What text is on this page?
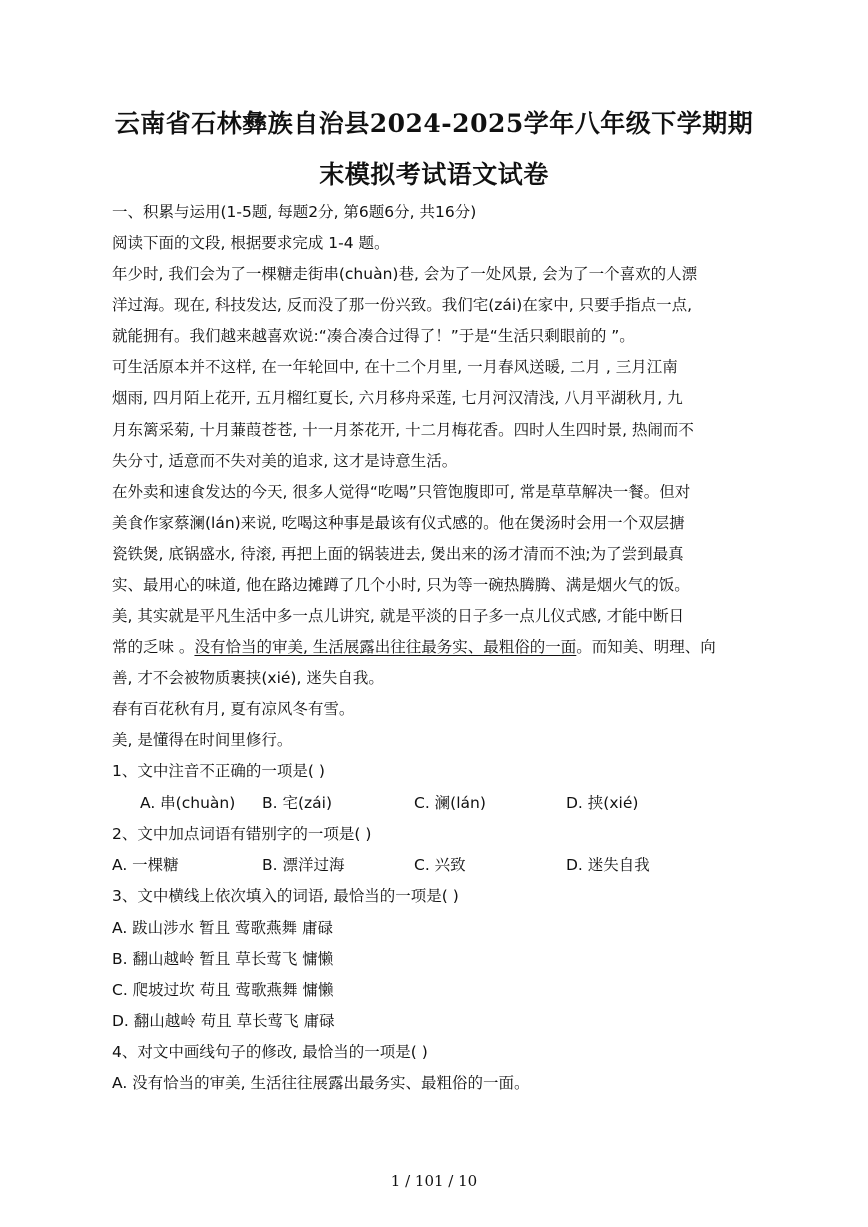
云南省石林彝族自治县2024-2025学年八年级下学期期
末模拟考试语文试卷
一、积累与运用(1-5题, 每题2分, 第6题6分, 共16分)
阅读下面的文段, 根据要求完成 1-4 题。
年少时, 我们会为了一棵糖走街串(chuàn)巷, 会为了一处风景, 会为了一个喜欢的人漂
洋过海。现在, 科技发达, 反而没了那一份兴致。我们宅(zái)在家中, 只要手指点一点,
就能拥有。我们越来越喜欢说:“凑合凑合过得了！”于是“生活只剩眼前的 ”。
可生活原本并不这样, 在一年轮回中, 在十二个月里, 一月春风送暖, 二月 , 三月江南
烟雨, 四月陌上花开, 五月榴红夏长, 六月移舟采莲, 七月河汉清浅, 八月平湖秋月, 九
月东篱采菊, 十月蒹葭苍苍, 十一月茶花开, 十二月梅花香。四时人生四时景, 热闹而不
失分寸, 适意而不失对美的追求, 这才是诗意生活。
在外卖和速食发达的今天, 很多人觉得“吃喝”只管饱腹即可, 常是草草解决一餐。但对
美食作家蔡澜(lán)来说, 吃喝这种事是最该有仪式感的。他在煲汤时会用一个双层搪
瓷铁煲, 底锅盛水, 待滚, 再把上面的锅装进去, 煲出来的汤才清而不浊;为了尝到最真
实、最用心的味道, 他在路边摊蹲了几个小时, 只为等一碗热腾腾、满是烟火气的饭。
美, 其实就是平凡生活中多一点儿讲究, 就是平淡的日子多一点儿仪式感, 才能中断日
常的乏味 。没有恰当的审美, 生活展露出往往最务实、最粗俗的一面。而知美、明理、向
善, 才不会被物质裹挟(xié), 迷失自我。
春有百花秋有月, 夏有凉风冬有雪。
美, 是懂得在时间里修行。
1、文中注音不正确的一项是( )
A. 串(chuàn) B. 宅(zái)	C. 澜(lán)	D. 挟(xié)
2、文中加点词语有错别字的一项是( )
A. 一棵糖	B. 漂洋过海	C. 兴致	D. 迷失自我
3、文中横线上依次填入的词语, 最恰当的一项是( )
A. 跋山涉水 暂且 莺歌燕舞 庸碌
B. 翻山越岭 暂且 草长莺飞 慵懒
C. 爬坡过坎 苟且 莺歌燕舞 慵懒
D. 翻山越岭 苟且 草长莺飞 庸碌
4、对文中画线句子的修改, 最恰当的一项是( )
A. 没有恰当的审美, 生活往往展露出最务实、最粗俗的一面。
1 / 101 / 10
